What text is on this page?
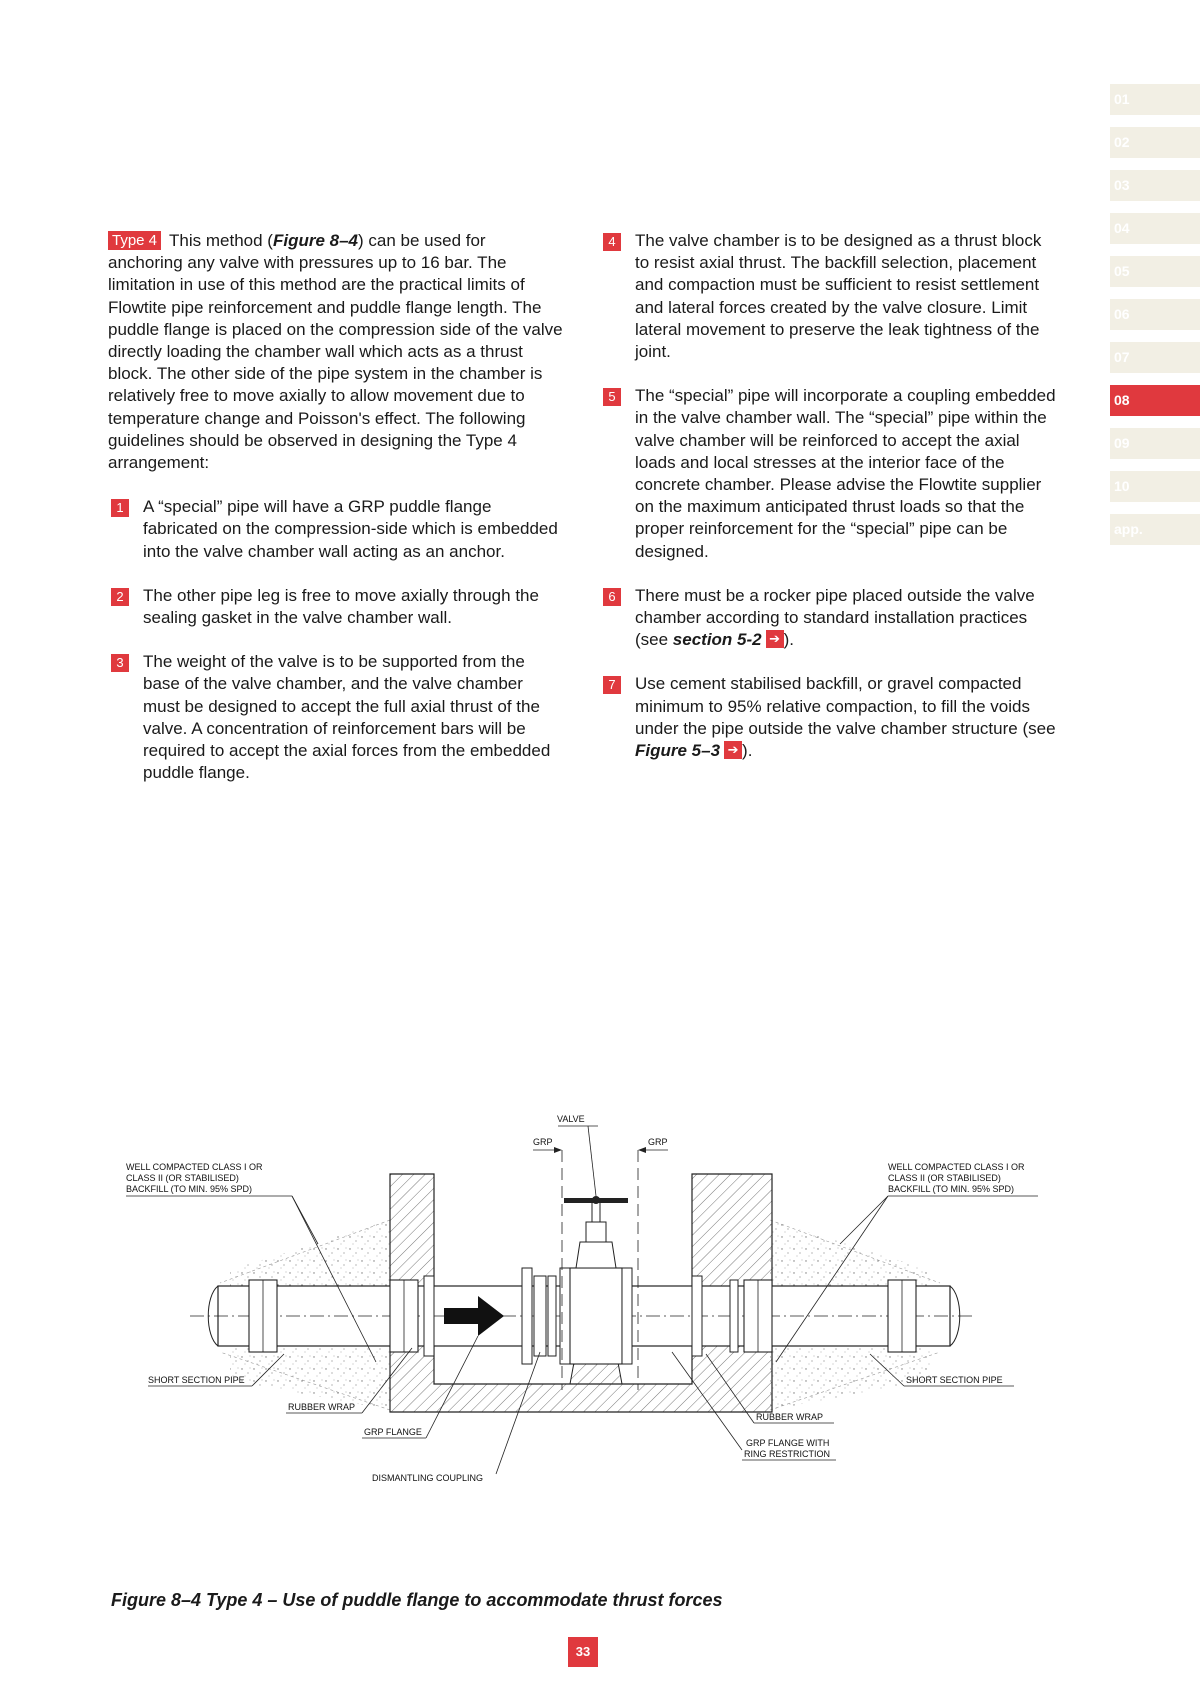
01
02
03
04
05
06
07
08
09
10
app.

Type 4 This method (Figure 8–4) can be used for anchoring any valve with pressures up to 16 bar. The limitation in use of this method are the practical limits of Flowtite pipe reinforcement and puddle flange length. The puddle flange is placed on the compression side of the valve directly loading the chamber wall which acts as a thrust block. The other side of the pipe system in the chamber is relatively free to move axially to allow movement due to temperature change and Poisson's effect. The following guidelines should be observed in designing the Type 4 arrangement:

1	A “special” pipe will have a GRP puddle flange fabricated on the compression-side which is embedded into the valve chamber wall acting as an anchor.
2	The other pipe leg is free to move axially through the sealing gasket in the valve chamber wall.
3	The weight of the valve is to be supported from the base of the valve chamber, and the valve chamber must be designed to accept the full axial thrust of the valve. A concentration of reinforcement bars will be required to accept the axial forces from the embedded puddle flange.
4	The valve chamber is to be designed as a thrust block to resist axial thrust. The backfill selection, placement and compaction must be sufficient to resist settlement and lateral forces created by the valve closure. Limit lateral movement to preserve the leak tightness of the joint.
5	The “special” pipe will incorporate a coupling embedded in the valve chamber wall. The “special” pipe within the valve chamber will be reinforced to accept the axial loads and local stresses at the interior face of the concrete chamber. Please advise the Flowtite supplier on the maximum anticipated thrust loads so that the proper reinforcement for the “special” pipe can be designed.
6	There must be a rocker pipe placed outside the valve chamber according to standard installation practices (see section 5-2 ➔ ).
7	Use cement stabilised backfill, or gravel compacted minimum to 95% relative compaction, to fill the voids under the pipe outside the valve chamber structure (see Figure 5–3 ➔ ).
VALVE
GRP	GRP
WELL COMPACTED CLASS I OR CLASS II (OR STABILISED) BACKFILL (TO MIN. 95% SPD)
WELL COMPACTED CLASS I OR CLASS II (OR STABILISED) BACKFILL (TO MIN. 95% SPD)
SHORT SECTION PIPE	SHORT SECTION PIPE
RUBBER WRAP
RUBBER WRAP
GRP FLANGE
GRP FLANGE WITH RING RESTRICTION
DISMANTLING COUPLING
Figure 8–4 Type 4 – Use of puddle flange to accommodate thrust forces
33
